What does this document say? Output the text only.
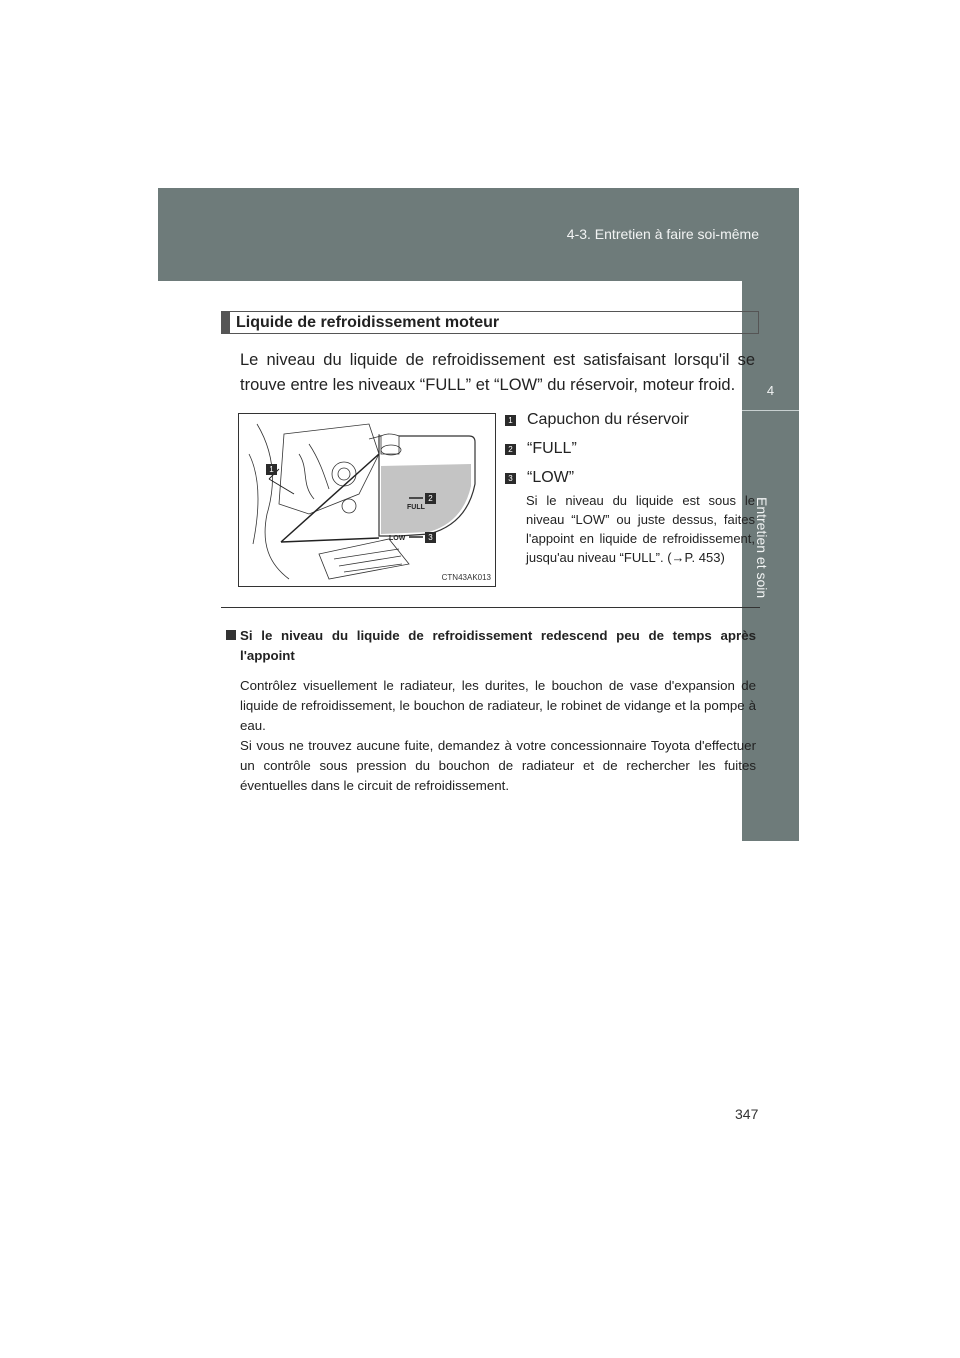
4-3. Entretien à faire soi-même
4
Entretien et soin
Liquide de refroidissement moteur
Le niveau du liquide de refroidissement est satisfaisant lorsqu'il se trouve entre les niveaux “FULL” et “LOW” du réservoir, moteur froid.
FULL
LOW
1
2
3
CTN43AK013
1 Capuchon du réservoir
2 “FULL”
3 “LOW”
Si le niveau du liquide est sous le niveau “LOW” ou juste dessus, faites l'appoint en liquide de refroidissement, jusqu'au niveau “FULL”. (→P. 453)
Si le niveau du liquide de refroidissement redescend peu de temps après l'appoint
Contrôlez visuellement le radiateur, les durites, le bouchon de vase d'expansion de liquide de refroidissement, le bouchon de radiateur, le robinet de vidange et la pompe à eau.
Si vous ne trouvez aucune fuite, demandez à votre concessionnaire Toyota d'effectuer un contrôle sous pression du bouchon de radiateur et de rechercher les fuites éventuelles dans le circuit de refroidissement.
347
